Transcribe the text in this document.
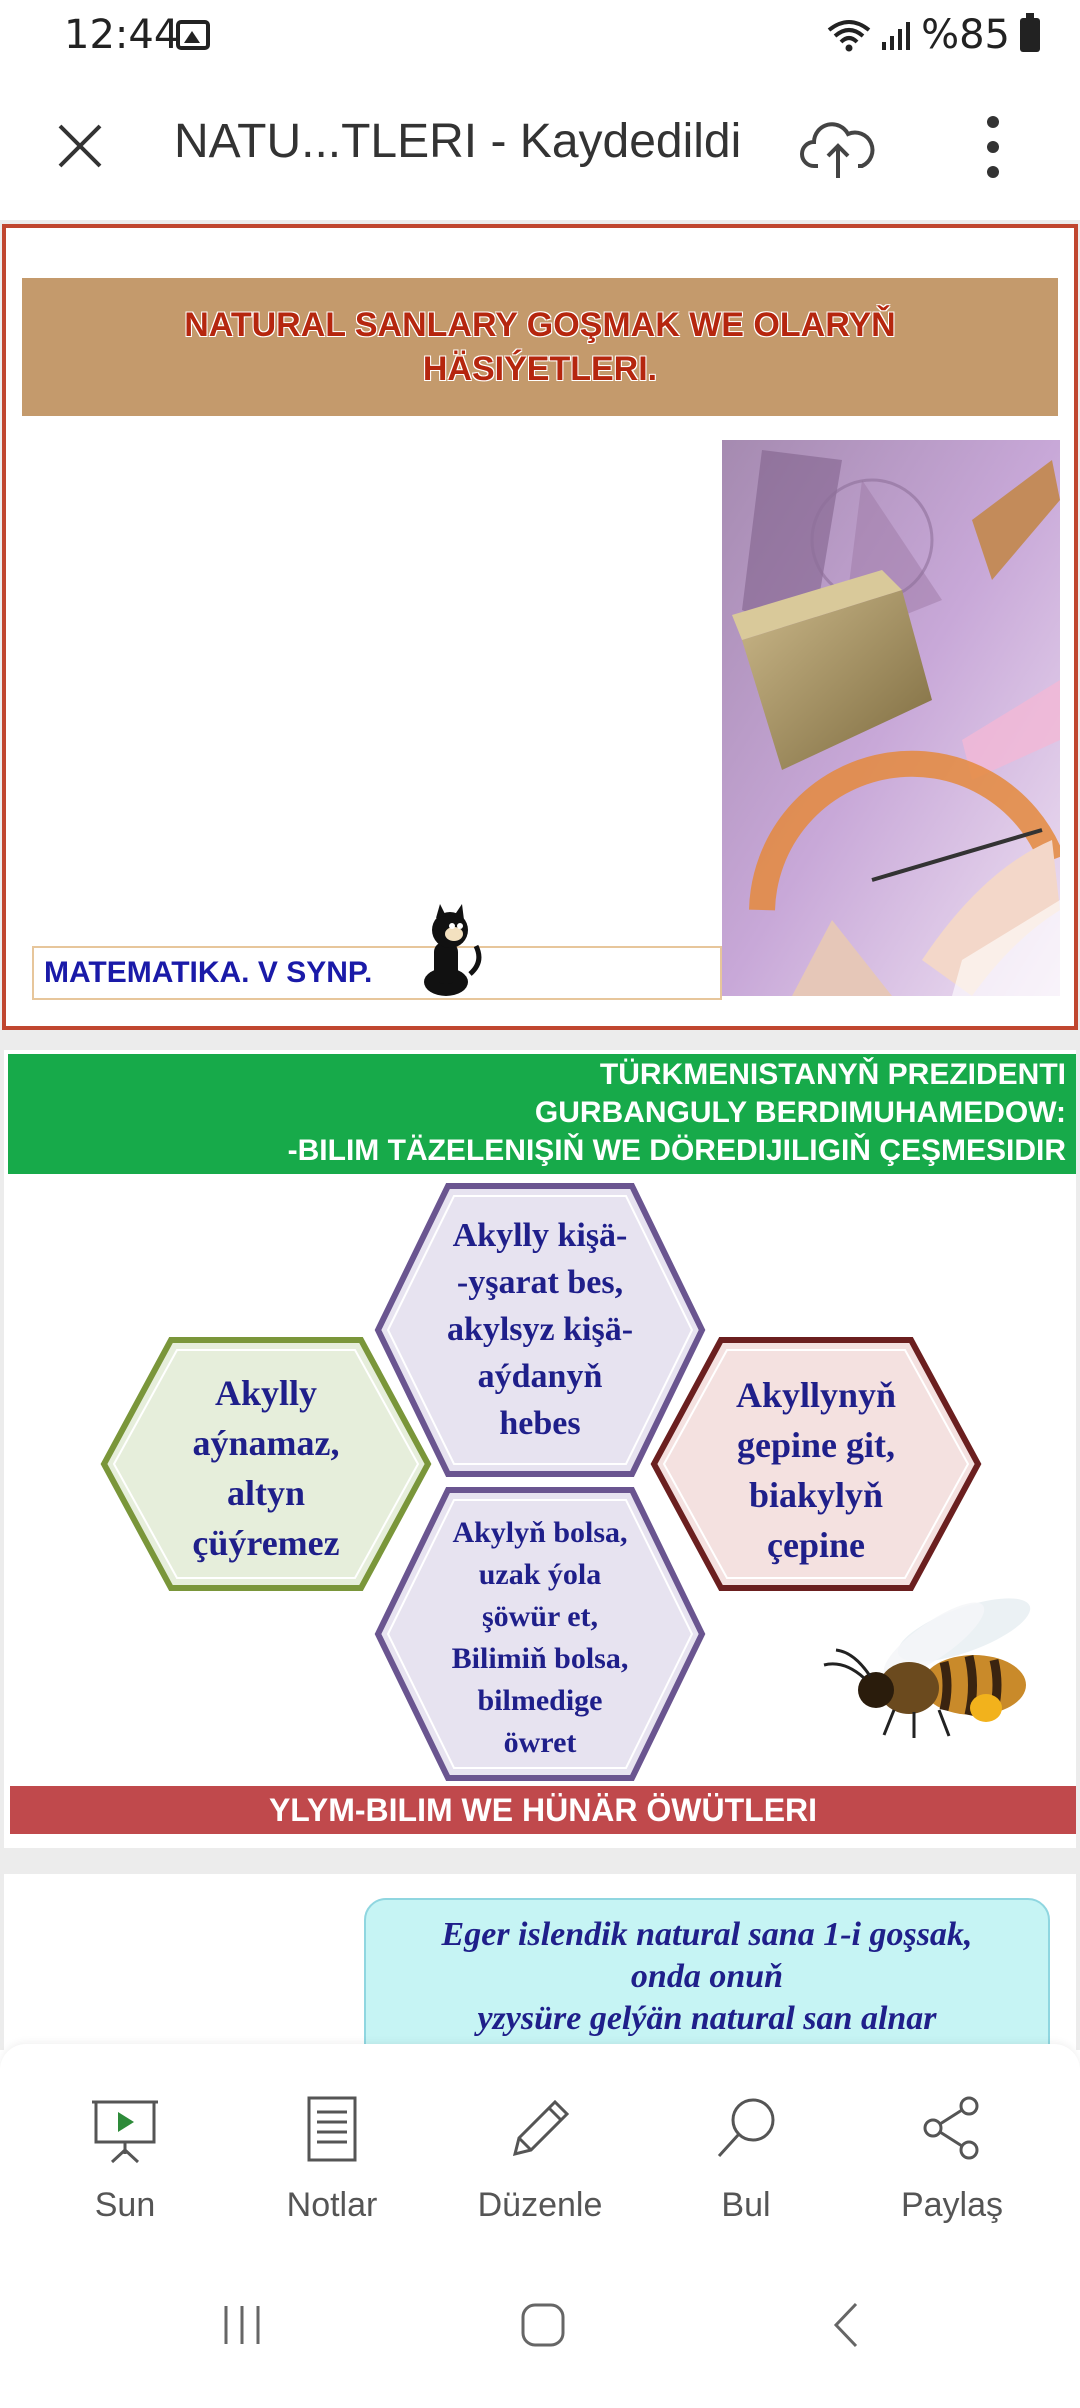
12:44	%85
NATU...TLERI - Kaydedildi
NATURAL SANLARY GOŞMAK WE OLARYŇ
HÄSIÝETLERI.
MATEMATIKA. V SYNP.
TÜRKMENISTANYŇ PREZIDENTI
GURBANGULY BERDIMUHAMEDOW:
-BILIM TÄZELENIŞIŇ WE DÖREDIJILIGIŇ ÇEŞMESIDIR
Akylly
aýnamaz,
altyn
çüýremez
Akylly kişä-
-yşarat bes,
akylsyz kişä-
aýdanyň
hebes
Akyllynyň
gepine git,
biakylyň
çepine
Akylyň bolsa,
uzak ýola
şöwür et,
Bilimiň bolsa,
bilmedige
öwret
YLYM-BILIM WE HÜNÄR ÖWÜTLERI
Eger islendik natural sana 1-i goşsak,
onda onuň
yzysüre gelýän natural san alnar
Sun	Notlar	Düzenle	Bul	Paylaş
